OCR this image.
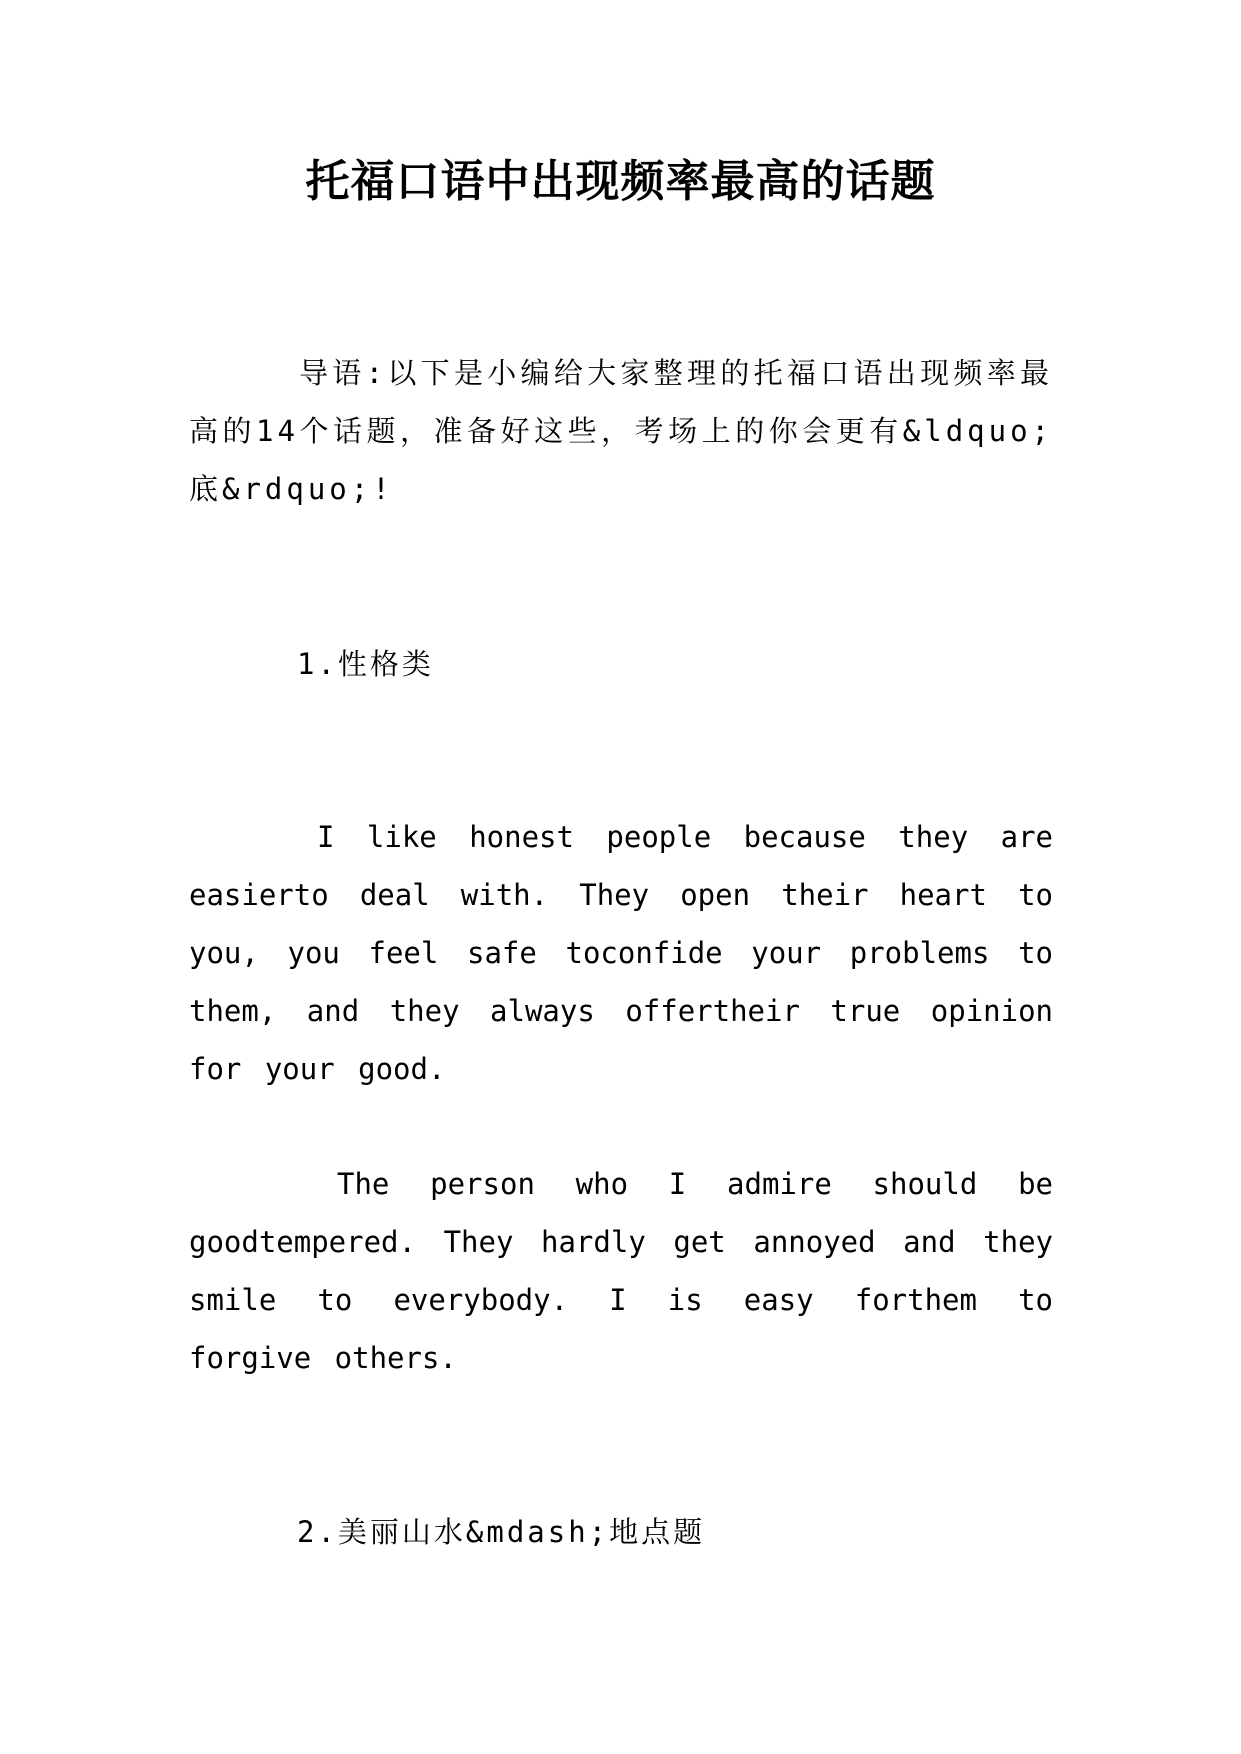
托福口语中出现频率最高的话题
导语:以下是小编给大家整理的托福口语出现频率最高的14个话题，准备好这些，考场上的你会更有&ldquo;底&rdquo;!
1.性格类
I like honest people because they are easierto deal with. They open their heart to you, you feel safe toconfide your problems to them, and they always offertheir true opinion for your good.
The person who I admire should be goodtempered. They hardly get annoyed and they smile to everybody. I is easy forthem to forgive others.
2.美丽山水&mdash;地点题
